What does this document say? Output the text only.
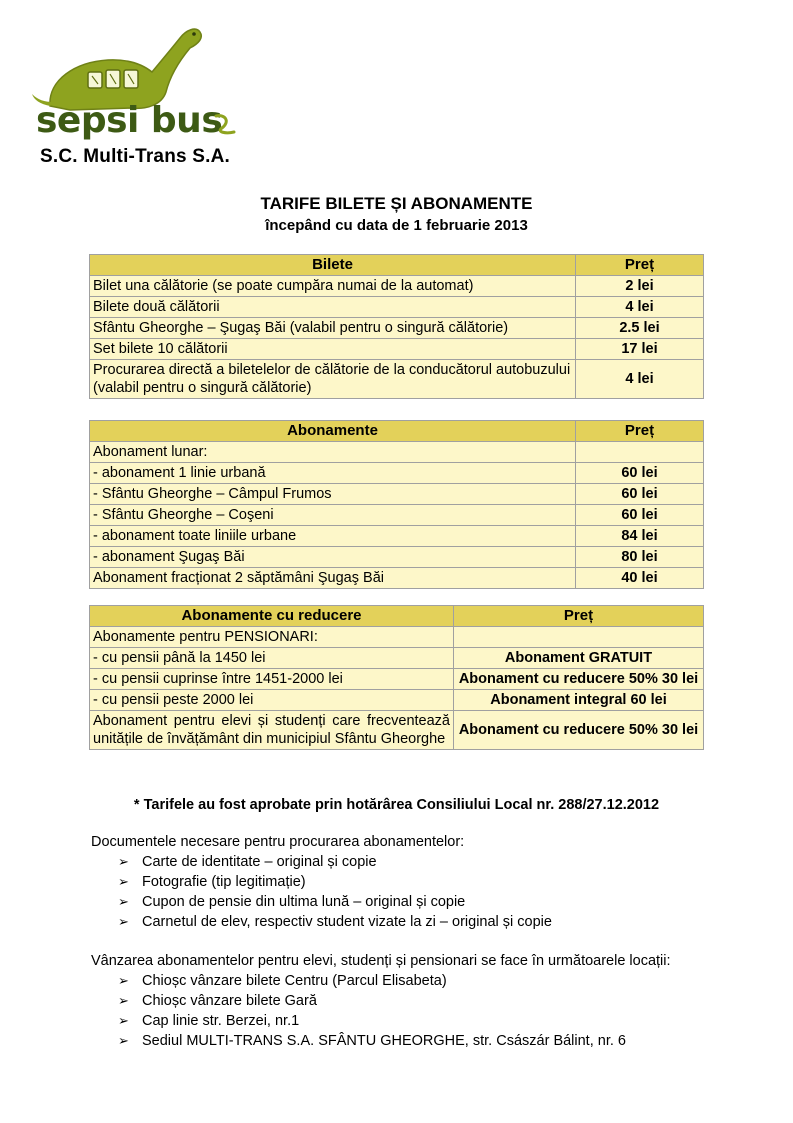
sepsi bus
S.C. Multi-Trans S.A.
TARIFE BILETE ȘI ABONAMENTE
începând cu data de 1 februarie 2013
Bilete	Preț
Bilet una călătorie (se poate cumpăra numai de la automat)	2 lei
Bilete două călătorii	4 lei
Sfântu Gheorghe – Şugaş Băi (valabil pentru o singură călătorie)	2.5 lei
Set bilete 10 călătorii	17 lei
Procurarea directă a biletelelor de călătorie de la conducătorul autobuzului (valabil pentru o singură călătorie)	4 lei
Abonamente	Preț
Abonament lunar:	
- abonament 1 linie urbană	60 lei
- Sfântu Gheorghe – Câmpul Frumos	60 lei
- Sfântu Gheorghe – Coşeni	60 lei
- abonament toate liniile urbane	84 lei
- abonament Şugaş Băi	80 lei
Abonament fracționat 2 săptămâni Şugaş Băi	40 lei
Abonamente cu reducere	Preț
Abonamente pentru PENSIONARI:	
- cu pensii până la 1450 lei	Abonament GRATUIT
- cu pensii cuprinse între 1451-2000 lei	Abonament cu reducere 50% 30 lei
- cu pensii peste 2000 lei	Abonament integral 60 lei
Abonament pentru elevi și studenți care frecventează unitățile de învățământ din municipiul Sfântu Gheorghe	Abonament cu reducere 50% 30 lei
* Tarifele au fost aprobate prin hotărârea Consiliului Local nr. 288/27.12.2012
Documentele necesare pentru procurarea abonamentelor:
➢ Carte de identitate – original și copie
➢ Fotografie (tip legitimație)
➢ Cupon de pensie din ultima lună – original și copie
➢ Carnetul de elev, respectiv student vizate la zi – original și copie
Vânzarea abonamentelor pentru elevi, studenți și pensionari se face în următoarele locații:
➢ Chioșc vânzare bilete Centru (Parcul Elisabeta)
➢ Chioșc vânzare bilete Gară
➢ Cap linie str. Berzei, nr.1
➢ Sediul MULTI-TRANS S.A. SFÂNTU GHEORGHE, str. Császár Bálint, nr. 6
